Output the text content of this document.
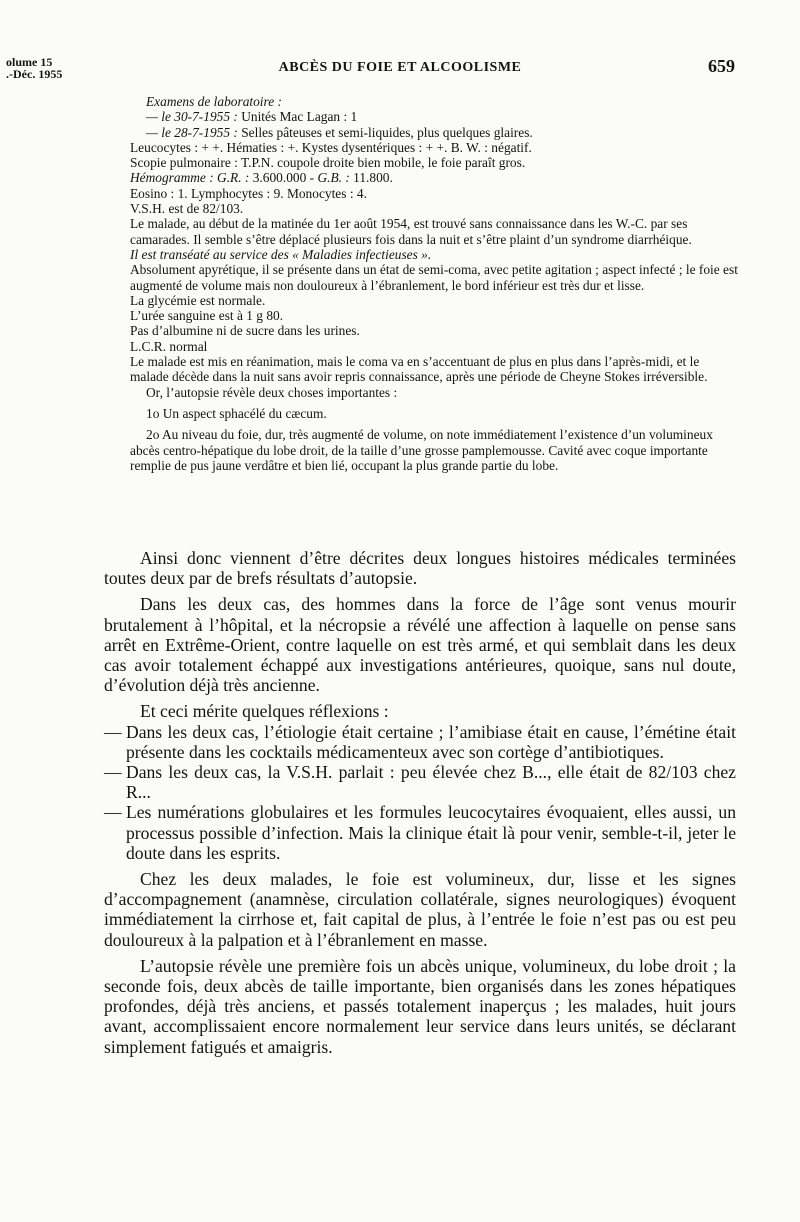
olume 15
.-Déc. 1955	ABCÈS DU FOIE ET ALCOOLISME	659

Examens de laboratoire :

— le 30-7-1955 : Unités Mac Lagan : 1

— le 28-7-1955 : Selles pâteuses et semi-liquides, plus quelques glaires.

Leucocytes : + +. Hématies : +. Kystes dysentériques : + +. B. W. : négatif.

Scopie pulmonaire : T.P.N. coupole droite bien mobile, le foie paraît gros.

Hémogramme : G.R. : 3.600.000 - G.B. : 11.800.

Eosino : 1. Lymphocytes : 9. Monocytes : 4.

V.S.H. est de 82/103.

Le malade, au début de la matinée du 1er août 1954, est trouvé sans connaissance dans les W.-C. par ses camarades. Il semble s’être déplacé plusieurs fois dans la nuit et s’être plaint d’un syndrome diarrhéique.

Il est transéaté au service des « Maladies infectieuses ».

Absolument apyrétique, il se présente dans un état de semi-coma, avec petite agitation ; aspect infecté ; le foie est augmenté de volume mais non douloureux à l’ébranlement, le bord inférieur est très dur et lisse.

La glycémie est normale.

L’urée sanguine est à 1 g 80.

Pas d’albumine ni de sucre dans les urines.

L.C.R. normal

Le malade est mis en réanimation, mais le coma va en s’accentuant de plus en plus dans l’après-midi, et le malade décède dans la nuit sans avoir repris connaissance, après une période de Cheyne Stokes irréversible.

Or, l’autopsie révèle deux choses importantes :

1o Un aspect sphacélé du cæcum.

2o Au niveau du foie, dur, très augmenté de volume, on note immédiatement l’existence d’un volumineux abcès centro-hépatique du lobe droit, de la taille d’une grosse pamplemousse. Cavité avec coque importante remplie de pus jaune verdâtre et bien lié, occupant la plus grande partie du lobe.

Ainsi donc viennent d’être décrites deux longues histoires médicales terminées toutes deux par de brefs résultats d’autopsie.

Dans les deux cas, des hommes dans la force de l’âge sont venus mourir brutalement à l’hôpital, et la nécropsie a révélé une affection à laquelle on pense sans arrêt en Extrême-Orient, contre laquelle on est très armé, et qui semblait dans les deux cas avoir totalement échappé aux investigations antérieures, quoique, sans nul doute, d’évolution déjà très ancienne.

Et ceci mérite quelques réflexions :

— Dans les deux cas, l’étiologie était certaine ; l’amibiase était en cause, l’émétine était présente dans les cocktails médicamenteux avec son cortège d’antibiotiques.

— Dans les deux cas, la V.S.H. parlait : peu élevée chez B..., elle était de 82/103 chez R...

— Les numérations globulaires et les formules leucocytaires évoquaient, elles aussi, un processus possible d’infection. Mais la clinique était là pour venir, semble-t-il, jeter le doute dans les esprits.

Chez les deux malades, le foie est volumineux, dur, lisse et les signes d’accompagnement (anamnèse, circulation collatérale, signes neurologiques) évoquent immédiatement la cirrhose et, fait capital de plus, à l’entrée le foie n’est pas ou est peu douloureux à la palpation et à l’ébranlement en masse.

L’autopsie révèle une première fois un abcès unique, volumineux, du lobe droit ; la seconde fois, deux abcès de taille importante, bien organisés dans les zones hépatiques profondes, déjà très anciens, et passés totalement inaperçus ; les malades, huit jours avant, accomplissaient encore normalement leur service dans leurs unités, se déclarant simplement fatigués et amaigris.
